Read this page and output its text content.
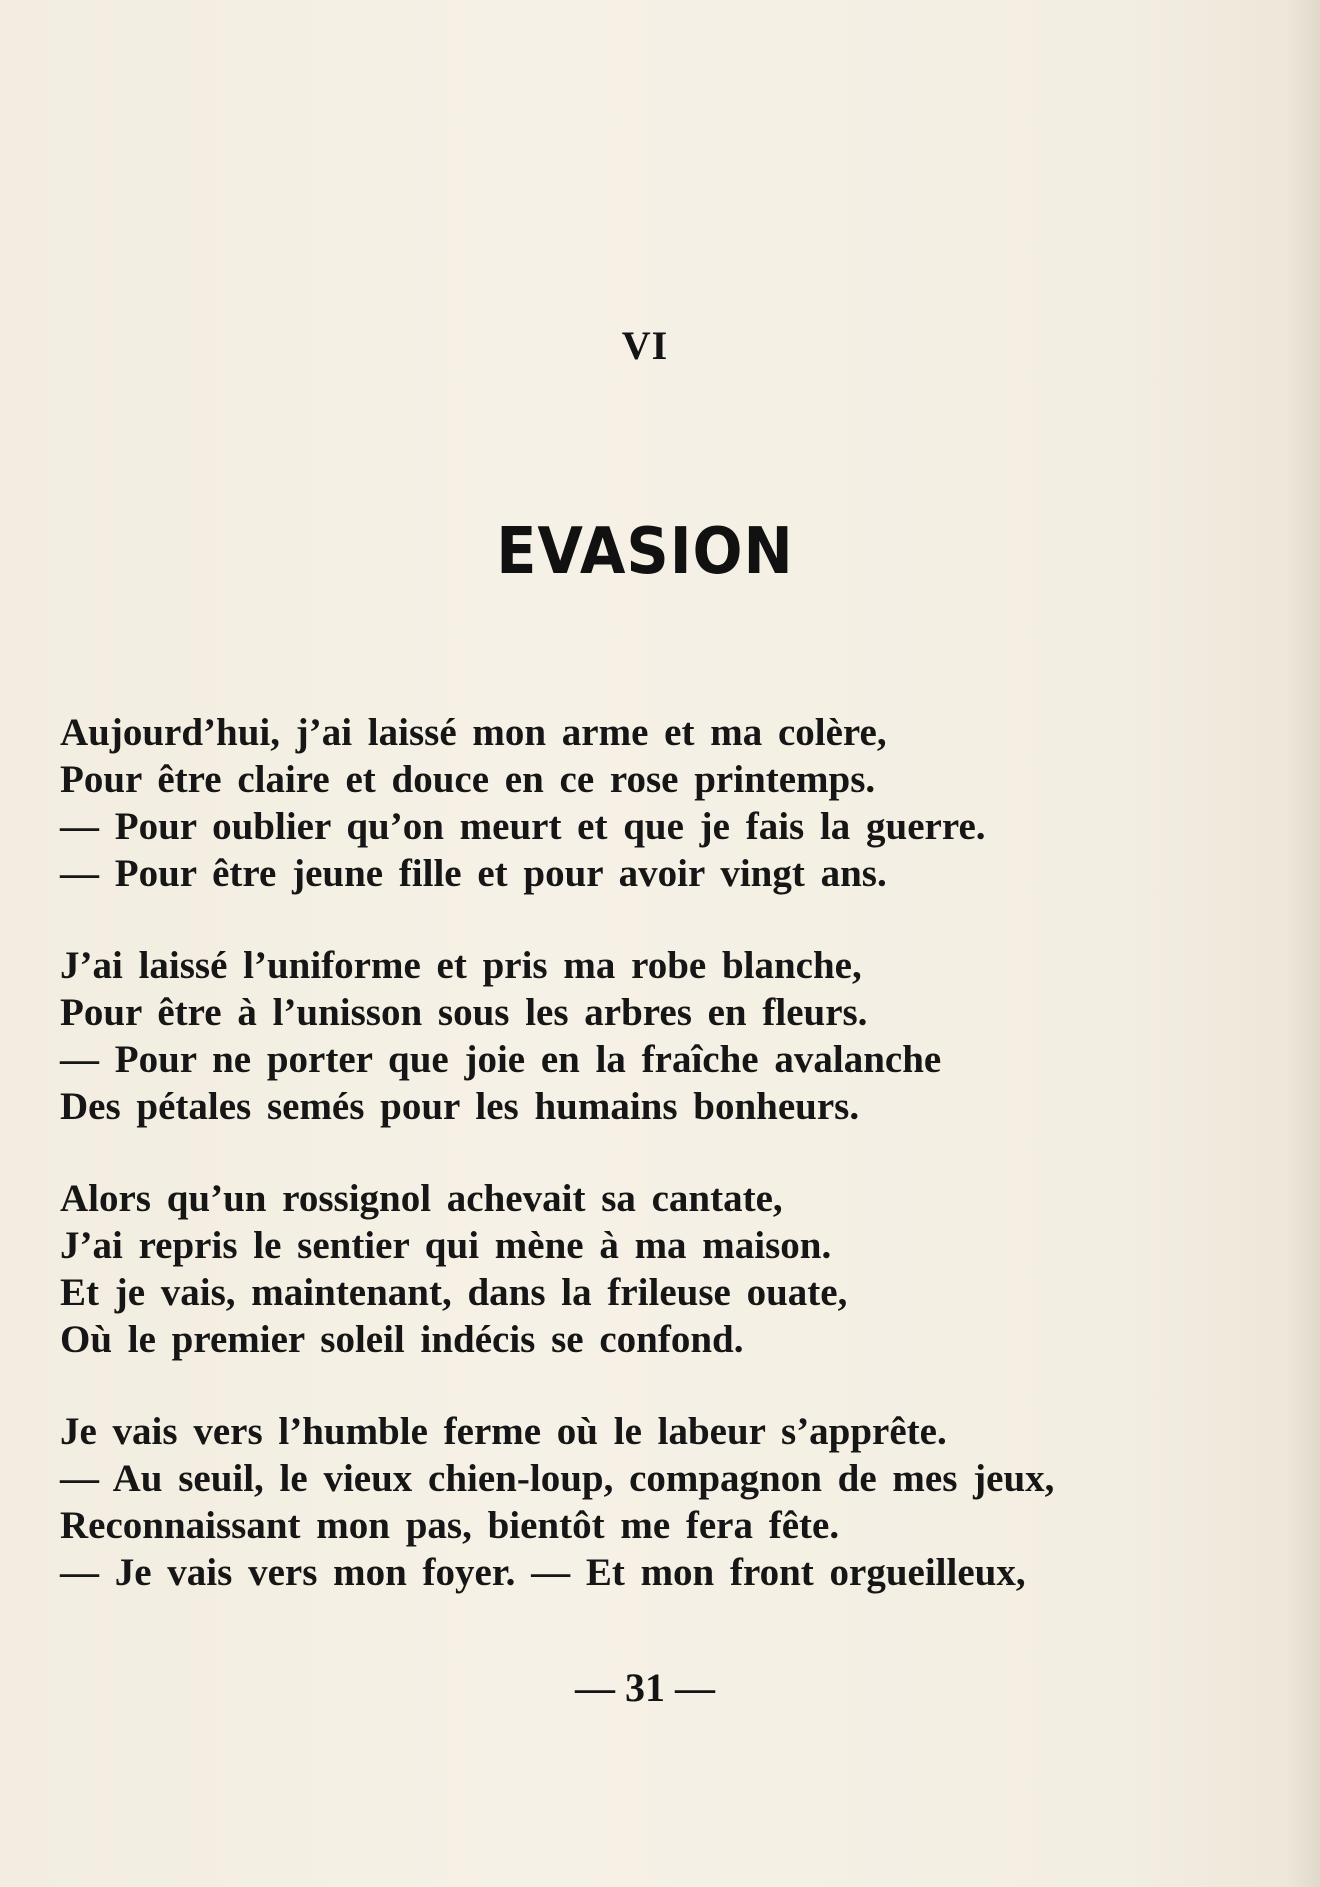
VI
EVASION
Aujourd’hui, j’ai laissé mon arme et ma colère,
Pour être claire et douce en ce rose printemps.
— Pour oublier qu’on meurt et que je fais la guerre.
— Pour être jeune fille et pour avoir vingt ans.
J’ai laissé l’uniforme et pris ma robe blanche,
Pour être à l’unisson sous les arbres en fleurs.
— Pour ne porter que joie en la fraîche avalanche
Des pétales semés pour les humains bonheurs.
Alors qu’un rossignol achevait sa cantate,
J’ai repris le sentier qui mène à ma maison.
Et je vais, maintenant, dans la frileuse ouate,
Où le premier soleil indécis se confond.
Je vais vers l’humble ferme où le labeur s’apprête.
— Au seuil, le vieux chien-loup, compagnon de mes jeux,
Reconnaissant mon pas, bientôt me fera fête.
— Je vais vers mon foyer. — Et mon front orgueilleux,
— 31 —
